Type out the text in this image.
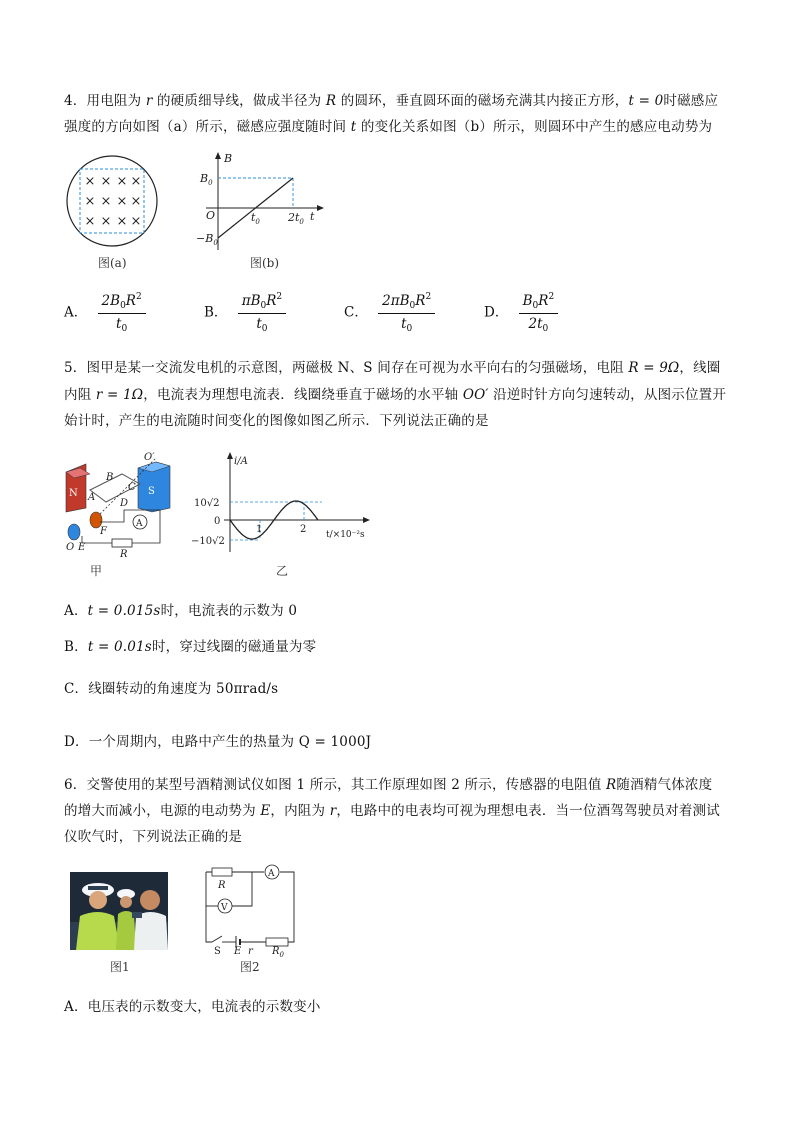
4．用电阻为 r 的硬质细导线，做成半径为 R 的圆环，垂直圆环面的磁场充满其内接正方形，t = 0时磁感应
强度的方向如图（a）所示，磁感应强度随时间 t 的变化关系如图（b）所示，则圆环中产生的感应电动势为
× × × ×
× × × ×
× × × ×
图(a)
B
$B_0$
O	$t_0$	$2t_0$ t
$-B_0$
图(b)
A． $\frac{2B_0R^2}{t_0}$	B． $\frac{\pi B_0R^2}{t_0}$	C． $\frac{2\pi B_0R^2}{t_0}$	D． $\frac{B_0R^2}{2t_0}$
5．图甲是某一交流发电机的示意图，两磁极 N、S 间存在可视为水平向右的匀强磁场，电阻 R = 9Ω，线圈
内阻 r = 1Ω，电流表为理想电流表．线圈绕垂直于磁场的水平轴 OO′ 沿逆时针方向匀速转动，从图示位置开
始计时，产生的电流随时间变化的图像如图乙所示．下列说法正确的是
N	S
A
B
C
D
F
O E
O′
R
A
甲
i/A
10√2
0
−10√2
1	2 t/×10⁻²s
乙
A．t = 0.015s时，电流表的示数为 0
B．t = 0.01s时，穿过线圈的磁通量为零
C．线圈转动的角速度为 50πrad/s
D．一个周期内，电路中产生的热量为 Q = 1000J
6．交警使用的某型号酒精测试仪如图 1 所示，其工作原理如图 2 所示，传感器的电阻值 R随酒精气体浓度
的增大而减小，电源的电动势为 E，内阻为 r，电路中的电表均可视为理想电表．当一位酒驾驾驶员对着测试
仪吹气时，下列说法正确的是
图1
R
A
V
S E r $R_0$
图2
A．电压表的示数变大，电流表的示数变小
